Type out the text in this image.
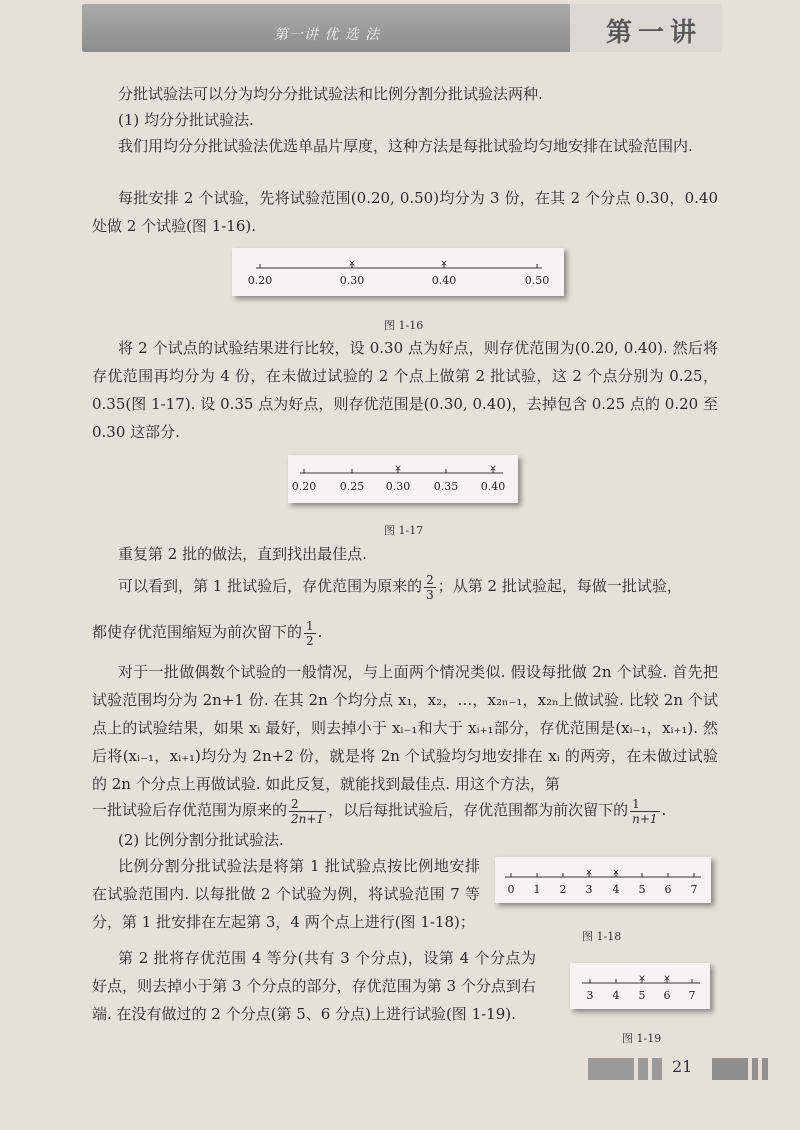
第一讲 优 选 法	第一讲

分批试验法可以分为均分分批试验法和比例分割分批试验法两种.

(1) 均分分批试验法.

我们用均分分批试验法优选单晶片厚度，这种方法是每批试验均匀地安排在试验范围内.

每批安排 2 个试验，先将试验范围(0.20, 0.50)均分为 3 份，在其 2 个分点 0.30，0.40 处做 2 个试验(图 1-16).

×	×
0.20	0.30	0.40	0.50
图 1-16

将 2 个试点的试验结果进行比较，设 0.30 点为好点，则存优范围为(0.20, 0.40). 然后将存优范围再均分为 4 份，在未做过试验的 2 个点上做第 2 批试验，这 2 个点分别为 0.25，0.35(图 1-17). 设 0.35 点为好点，则存优范围是(0.30, 0.40)，去掉包含 0.25 点的 0.20 至 0.30 这部分.

×	×
0.20 0.25 0.30 0.35 0.40
图 1-17

重复第 2 批的做法，直到找出最佳点.

可以看到，第 1 批试验后，存优范围为原来的 $\frac{2}{3}$ ；从第 2 批试验起，每做一批试验，

都使存优范围缩短为前次留下的 $\frac{1}{2}$ .

对于一批做偶数个试验的一般情况，与上面两个情况类似. 假设每批做 2n 个试验. 首先把试验范围均分为 2n+1 份. 在其 2n 个均分点 x₁，x₂，…，x₂ₙ₋₁，x₂ₙ上做试验. 比较 2n 个试点上的试验结果，如果 xᵢ 最好，则去掉小于 xᵢ₋₁和大于 xᵢ₊₁部分，存优范围是(xᵢ₋₁，xᵢ₊₁). 然后将(xᵢ₋₁，xᵢ₊₁)均分为 2n+2 份，就是将 2n 个试验均匀地安排在 xᵢ 的两旁，在未做过试验的 2n 个分点上再做试验. 如此反复，就能找到最佳点. 用这个方法，第

一批试验后存优范围为原来的 $\frac{2}{2n+1}$ ，以后每批试验后，存优范围都为前次留下的 $\frac{1}{n+1}$ .

(2) 比例分割分批试验法.

比例分割分批试验法是将第 1 批试验点按比例地安排在试验范围内. 以每批做 2 个试验为例，将试验范围 7 等分，第 1 批安排在左起第 3，4 两个点上进行(图 1-18)；

× ×
0 1 2 3 4 5 6 7
图 1-18

第 2 批将存优范围 4 等分(共有 3 个分点)，设第 4 个分点为好点，则去掉小于第 3 个分点的部分，存优范围为第 3 个分点到右端. 在没有做过的 2 个分点(第 5、6 分点)上进行试验(图 1-19).

× ×
3 4 5 6 7
图 1-19
21
